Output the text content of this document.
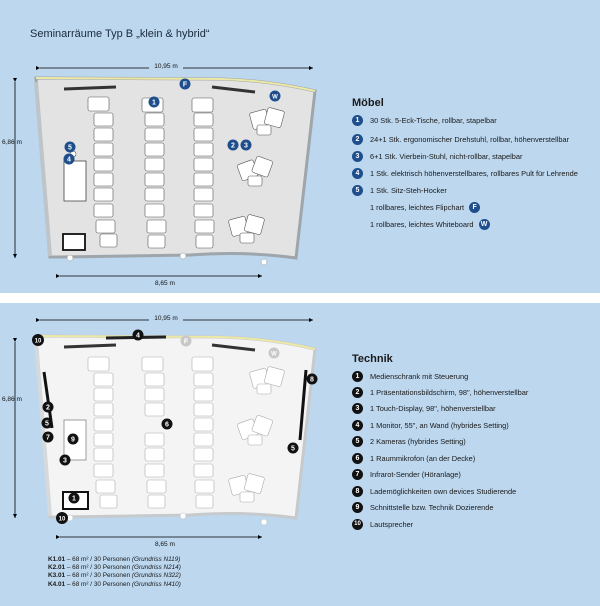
Seminarräume Typ B „klein & hybrid“
10,95 m
6,86 m
8,65 m
1
2 3
4
5
F
W
10,95 m
6,86 m
8,65 m
1
F
W
2
3
4
5
5	6
7
8
9
10
10
Möbel
1	30 Stk. 5-Eck-Tische, rollbar, stapelbar
2	24+1 Stk. ergonomischer Drehstuhl, rollbar, höhenverstellbar
3	6+1 Stk. Vierbein-Stuhl, nicht-rollbar, stapelbar
4	1 Stk. elektrisch höhenverstellbares, rollbares Pult für Lehrende
5	1 Stk. Sitz-Steh-Hocker
1 rollbares, leichtes Flipchart	F
1 rollbares, leichtes Whiteboard	W
Technik
1	Medienschrank mit Steuerung
2	1 Präsentationsbildschirm, 98", höhenverstellbar
3	1 Touch-Display, 98", höhenverstellbar
4	1 Monitor, 55", an Wand (hybrides Setting)
5	2 Kameras (hybrides Setting)
6	1 Raummikrofon (an der Decke)
7	Infrarot-Sender (Höranlage)
8	Lademöglichkeiten own devices Studierende
9	Schnittstelle bzw. Technik Dozierende
10 Lautsprecher
K1.01 – 68 m² / 30 Personen (Grundriss N119)
K2.01 – 68 m² / 30 Personen (Grundriss N214)
K3.01 – 68 m² / 30 Personen (Grundriss N322)
K4.01 – 68 m² / 30 Personen (Grundriss N410)
